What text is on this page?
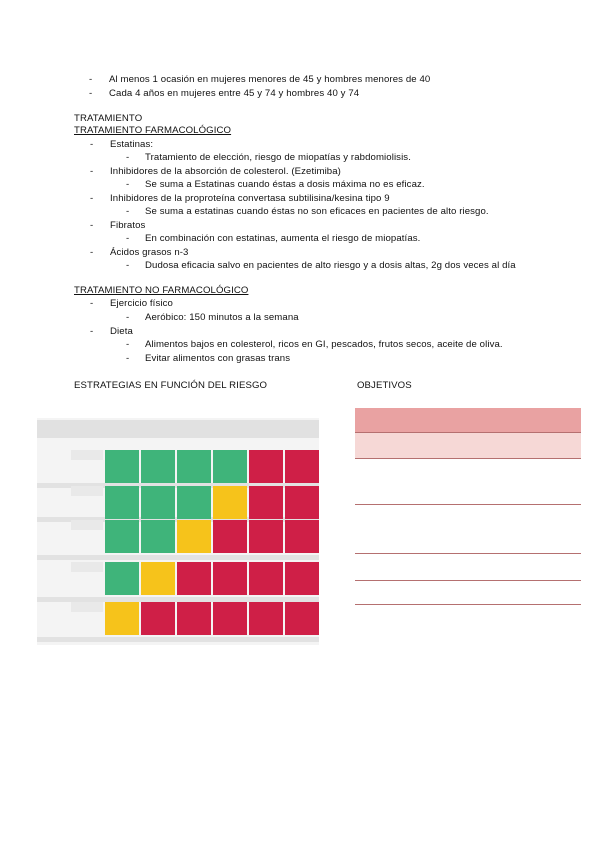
- Al menos 1 ocasión en mujeres menores de 45 y hombres menores de 40
- Cada 4 años en mujeres entre 45 y 74 y hombres 40 y 74
TRATAMIENTO
TRATAMIENTO FARMACOLÓGICO
- Estatinas:
- Tratamiento de elección, riesgo de miopatías y rabdomiolisis.
- Inhibidores de la absorción de colesterol. (Ezetimiba)
- Se suma a Estatinas cuando éstas a dosis máxima no es eficaz.
- Inhibidores de la proproteína convertasa subtilisina/kesina tipo 9
- Se suma a estatinas cuando éstas no son eficaces en pacientes de alto riesgo.
- Fibratos
- En combinación con estatinas, aumenta el riesgo de miopatías.
- Ácidos grasos n-3
- Dudosa eficacia salvo en pacientes de alto riesgo y a dosis altas, 2g dos veces al día
TRATAMIENTO NO FARMACOLÓGICO
- Ejercicio físico
- Aeróbico: 150 minutos a la semana
- Dieta
- Alimentos bajos en colesterol, ricos en GI, pescados, frutos secos, aceite de oliva.
- Evitar alimentos con grasas trans
ESTRATEGIAS EN FUNCIÓN DEL RIESGO	OBJETIVOS
